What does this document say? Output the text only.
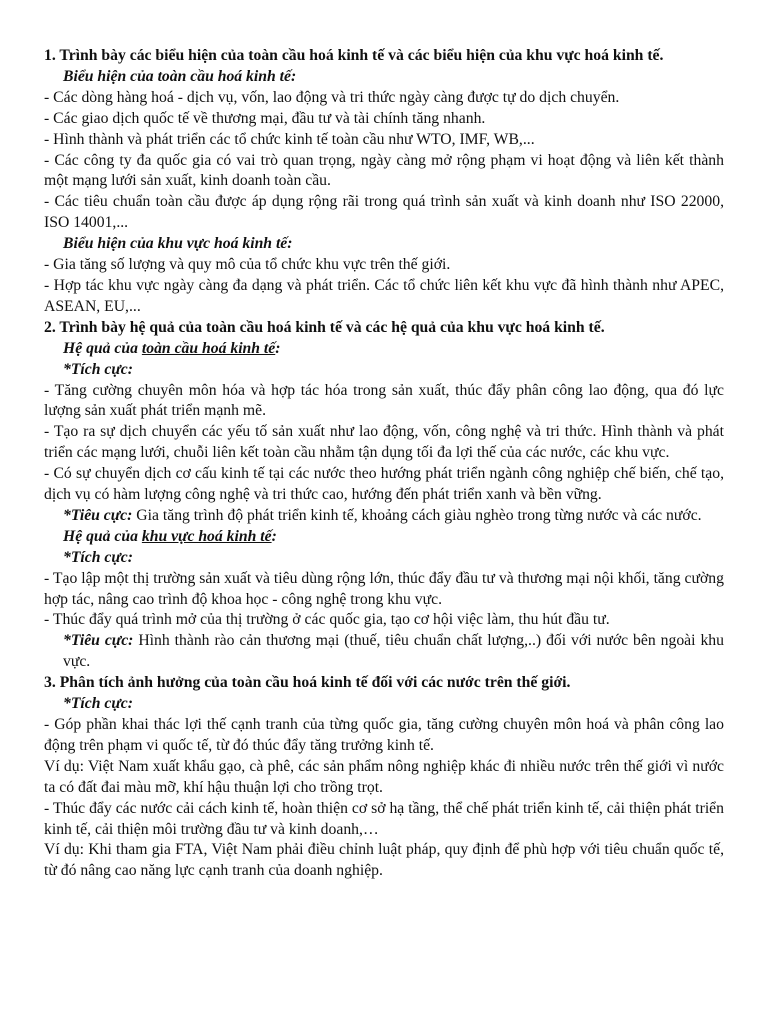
1. Trình bày các biểu hiện của toàn cầu hoá kinh tế và các biểu hiện của khu vực hoá kinh tế.

Biểu hiện của toàn cầu hoá kinh tế:

- Các dòng hàng hoá - dịch vụ, vốn, lao động và tri thức ngày càng được tự do dịch chuyển.

- Các giao dịch quốc tế về thương mại, đầu tư và tài chính tăng nhanh.

- Hình thành và phát triển các tổ chức kinh tế toàn cầu như WTO, IMF, WB,...

- Các công ty đa quốc gia có vai trò quan trọng, ngày càng mở rộng phạm vi hoạt động và liên kết thành một mạng lưới sản xuất, kinh doanh toàn cầu.

- Các tiêu chuẩn toàn cầu được áp dụng rộng rãi trong quá trình sản xuất và kinh doanh như ISO 22000, ISO 14001,...

Biểu hiện của khu vực hoá kinh tế:

- Gia tăng số lượng và quy mô của tổ chức khu vực trên thế giới.

- Hợp tác khu vực ngày càng đa dạng và phát triển. Các tổ chức liên kết khu vực đã hình thành như APEC, ASEAN, EU,...

2. Trình bày hệ quả của toàn cầu hoá kinh tế và các hệ quả của khu vực hoá kinh tế.

Hệ quả của toàn cầu hoá kinh tế:

*Tích cực:

- Tăng cường chuyên môn hóa và hợp tác hóa trong sản xuất, thúc đẩy phân công lao động, qua đó lực lượng sản xuất phát triển mạnh mẽ.

- Tạo ra sự dịch chuyển các yếu tố sản xuất như lao động, vốn, công nghệ và tri thức. Hình thành và phát triển các mạng lưới, chuỗi liên kết toàn cầu nhằm tận dụng tối đa lợi thế của các nước, các khu vực.

- Có sự chuyển dịch cơ cấu kinh tế tại các nước theo hướng phát triển ngành công nghiệp chế biến, chế tạo, dịch vụ có hàm lượng công nghệ và tri thức cao, hướng đến phát triển xanh và bền vững.

*Tiêu cực: Gia tăng trình độ phát triển kinh tế, khoảng cách giàu nghèo trong từng nước và các nước.

Hệ quả của khu vực hoá kinh tế:

*Tích cực:

- Tạo lập một thị trường sản xuất và tiêu dùng rộng lớn, thúc đẩy đầu tư và thương mại nội khối, tăng cường hợp tác, nâng cao trình độ khoa học - công nghệ trong khu vực.

- Thúc đẩy quá trình mở của thị trường ở các quốc gia, tạo cơ hội việc làm, thu hút đầu tư.

*Tiêu cực: Hình thành rào cản thương mại (thuế, tiêu chuẩn chất lượng,..) đối với nước bên ngoài khu vực.

3. Phân tích ảnh hưởng của toàn cầu hoá kinh tế đối với các nước trên thế giới.

*Tích cực:

- Góp phần khai thác lợi thế cạnh tranh của từng quốc gia, tăng cường chuyên môn hoá và phân công lao động trên phạm vi quốc tế, từ đó thúc đẩy tăng trưởng kinh tế.

Ví dụ: Việt Nam xuất khẩu gạo, cà phê, các sản phẩm nông nghiệp khác đi nhiều nước trên thế giới vì nước ta có đất đai màu mỡ, khí hậu thuận lợi cho trồng trọt.

- Thúc đẩy các nước cải cách kinh tế, hoàn thiện cơ sở hạ tầng, thể chế phát triển kinh tế, cải thiện phát triển kinh tế, cải thiện môi trường đầu tư và kinh doanh,…

Ví dụ: Khi tham gia FTA, Việt Nam phải điều chỉnh luật pháp, quy định để phù hợp với tiêu chuẩn quốc tế, từ đó nâng cao năng lực cạnh tranh của doanh nghiệp.
